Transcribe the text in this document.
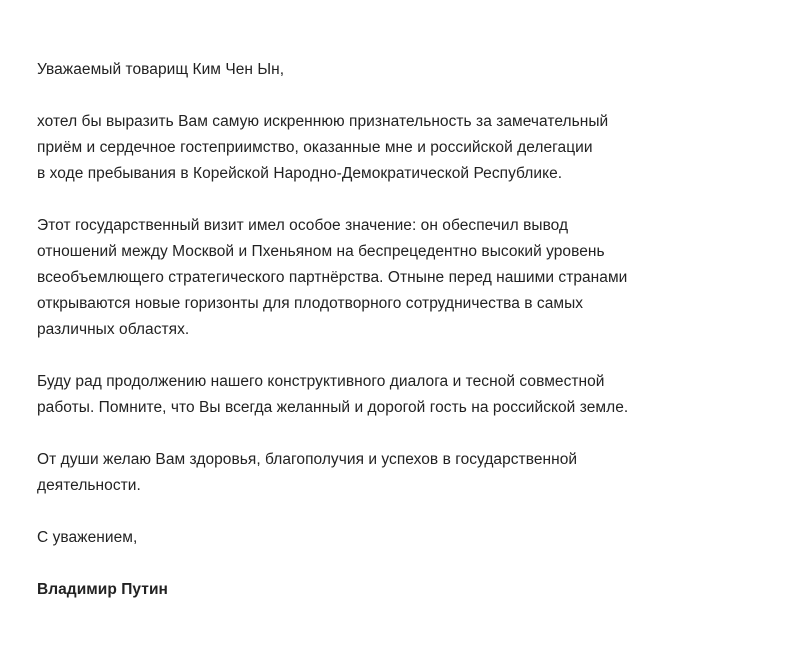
Уважаемый товарищ Ким Чен Ын,

хотел бы выразить Вам самую искреннюю признательность за замечательный
приём и сердечное гостеприимство, оказанные мне и российской делегации
в ходе пребывания в Корейской Народно-Демократической Республике.

Этот государственный визит имел особое значение: он обеспечил вывод
отношений между Москвой и Пхеньяном на беспрецедентно высокий уровень
всеобъемлющего стратегического партнёрства. Отныне перед нашими странами
открываются новые горизонты для плодотворного сотрудничества в самых
различных областях.

Буду рад продолжению нашего конструктивного диалога и тесной совместной
работы. Помните, что Вы всегда желанный и дорогой гость на российской земле.

От души желаю Вам здоровья, благополучия и успехов в государственной
деятельности.

С уважением,

Владимир Путин
